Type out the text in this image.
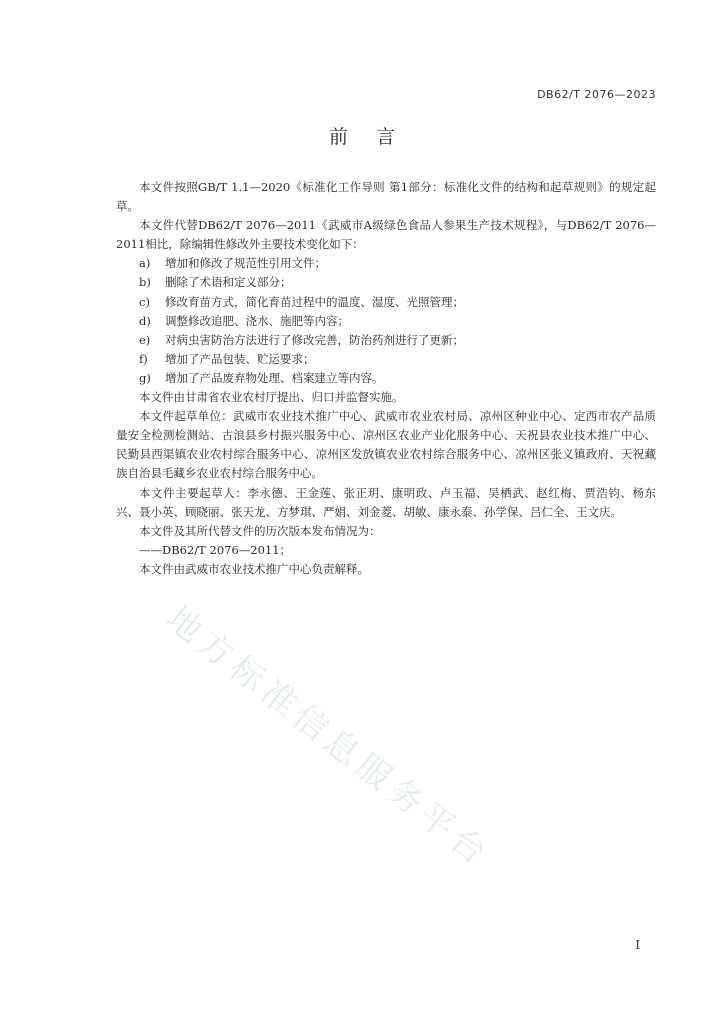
DB62/T 2076—2023
前言

本文件按照GB/T 1.1—2020《标准化工作导则 第1部分：标准化文件的结构和起草规则》的规定起草。

本文件代替DB62/T 2076—2011《武威市A级绿色食品人参果生产技术规程》，与DB62/T 2076—2011相比，除编辑性修改外主要技术变化如下：

a) 增加和修改了规范性引用文件；

b) 删除了术语和定义部分；

c) 修改育苗方式，简化育苗过程中的温度、湿度、光照管理；

d) 调整修改追肥、浇水、施肥等内容；

e) 对病虫害防治方法进行了修改完善，防治药剂进行了更新；

f) 增加了产品包装、贮运要求；

g) 增加了产品废弃物处理、档案建立等内容。

本文件由甘肃省农业农村厅提出、归口并监督实施。

本文件起草单位：武威市农业技术推广中心、武威市农业农村局、凉州区种业中心、定西市农产品质量安全检测检测站、古浪县乡村振兴服务中心、凉州区农业产业化服务中心、天祝县农业技术推广中心、民勤县西渠镇农业农村综合服务中心、凉州区发放镇农业农村综合服务中心、凉州区张义镇政府、天祝藏族自治县毛藏乡农业农村综合服务中心。

本文件主要起草人：李永德、王金莲、张正玥、康明政、卢玉福、吴栖武、赵红梅、贾浩钧、杨东兴、聂小英、顾晓丽、张天龙、方梦琪、严娟、刘金菱、胡敏、康永泰、孙学保、吕仁全、王文庆。

本文件及其所代替文件的历次版本发布情况为：

——DB62/T 2076—2011；

本文件由武威市农业技术推广中心负责解释。

地方标准信息服务平台
I
